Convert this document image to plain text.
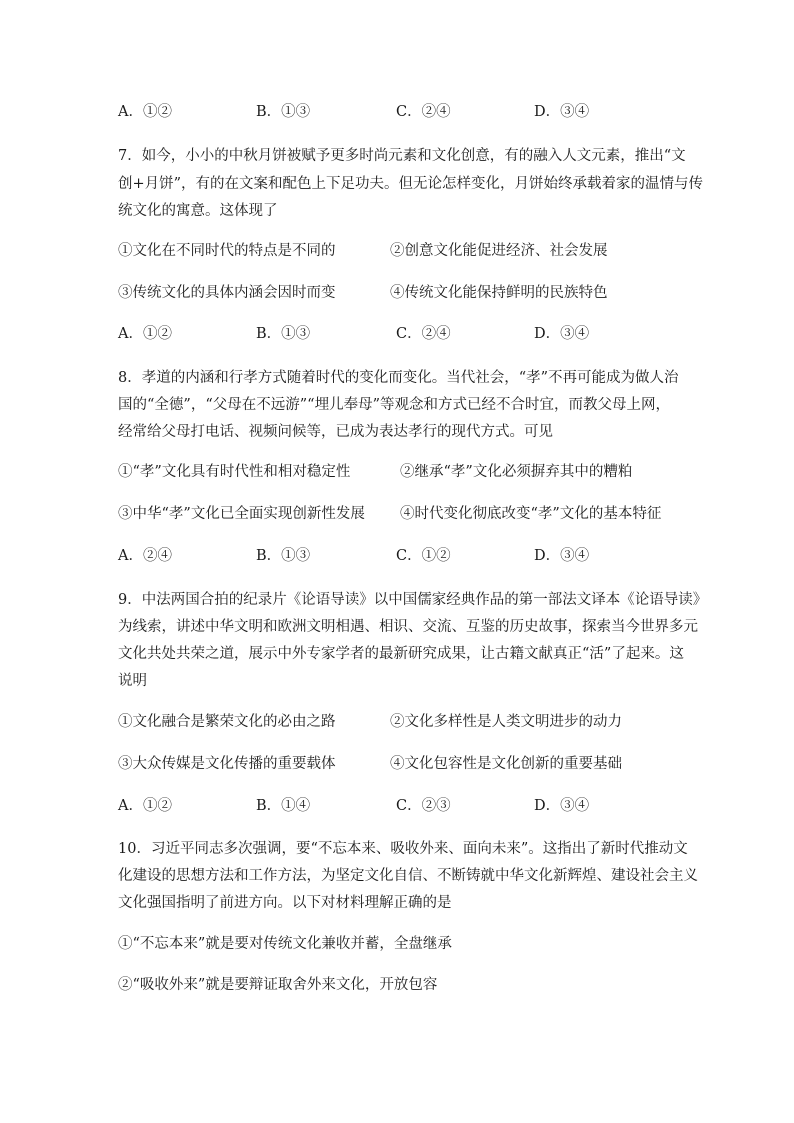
A．①②	B．①③	C．②④	D．③④
7．如今，小小的中秋月饼被赋予更多时尚元素和文化创意，有的融入人文元素，推出“文
创+月饼”，有的在文案和配色上下足功夫。但无论怎样变化，月饼始终承载着家的温情与传
统文化的寓意。这体现了
①文化在不同时代的特点是不同的	②创意文化能促进经济、社会发展
③传统文化的具体内涵会因时而变	④传统文化能保持鲜明的民族特色
A．①②	B．①③	C．②④	D．③④
8．孝道的内涵和行孝方式随着时代的变化而变化。当代社会，“孝”不再可能成为做人治
国的“全德”，“父母在不远游”“埋儿奉母”等观念和方式已经不合时宜，而教父母上网，
经常给父母打电话、视频问候等，已成为表达孝行的现代方式。可见
①“孝”文化具有时代性和相对稳定性	②继承“孝”文化必须摒弃其中的糟粕
③中华“孝”文化已全面实现创新性发展 ④时代变化彻底改变“孝”文化的基本特征
A．②④	B．①③	C．①②	D．③④
9．中法两国合拍的纪录片《论语导读》以中国儒家经典作品的第一部法文译本《论语导读》
为线索，讲述中华文明和欧洲文明相遇、相识、交流、互鉴的历史故事，探索当今世界多元
文化共处共荣之道，展示中外专家学者的最新研究成果，让古籍文献真正“活”了起来。这
说明
①文化融合是繁荣文化的必由之路	②文化多样性是人类文明进步的动力
③大众传媒是文化传播的重要载体	④文化包容性是文化创新的重要基础
A．①②	B．①④	C．②③	D．③④
10．习近平同志多次强调，要“不忘本来、吸收外来、面向未来”。这指出了新时代推动文
化建设的思想方法和工作方法，为坚定文化自信、不断铸就中华文化新辉煌、建设社会主义
文化强国指明了前进方向。以下对材料理解正确的是
①“不忘本来”就是要对传统文化兼收并蓄，全盘继承
②“吸收外来”就是要辩证取舍外来文化，开放包容
